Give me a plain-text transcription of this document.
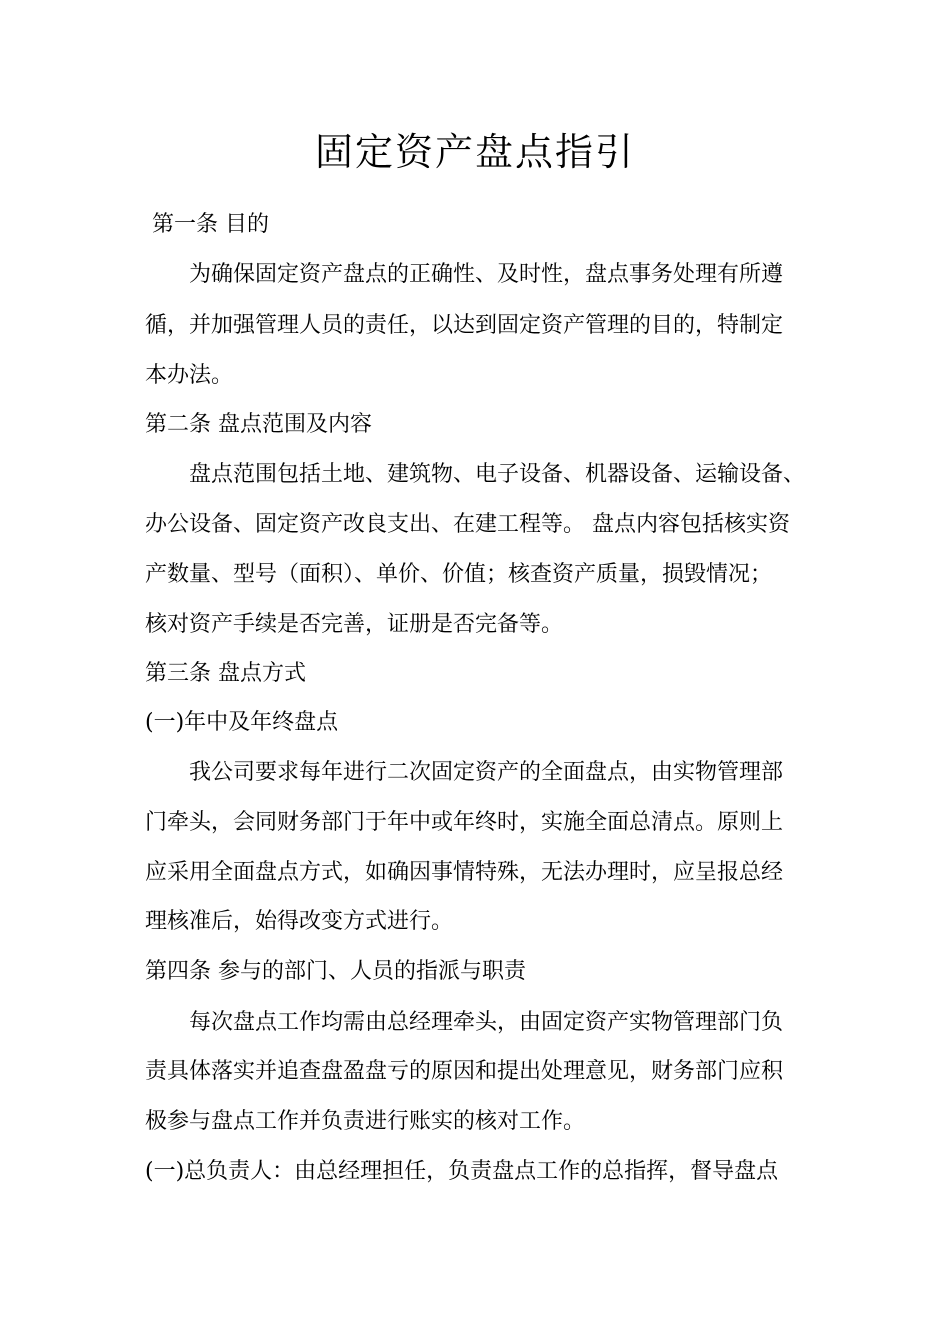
固定资产盘点指引
第一条 目的
为确保固定资产盘点的正确性、及时性，盘点事务处理有所遵
循，并加强管理人员的责任，以达到固定资产管理的目的，特制定
本办法。
第二条 盘点范围及内容
盘点范围包括土地、建筑物、电子设备、机器设备、运输设备、
办公设备、固定资产改良支出、在建工程等。 盘点内容包括核实资
产数量、型号（面积）、单价、价值；核查资产质量，损毁情况；
核对资产手续是否完善，证册是否完备等。
第三条 盘点方式
(一)年中及年终盘点
我公司要求每年进行二次固定资产的全面盘点，由实物管理部
门牵头，会同财务部门于年中或年终时，实施全面总清点。原则上
应采用全面盘点方式，如确因事情特殊，无法办理时，应呈报总经
理核准后，始得改变方式进行。
第四条 参与的部门、人员的指派与职责
每次盘点工作均需由总经理牵头，由固定资产实物管理部门负
责具体落实并追查盘盈盘亏的原因和提出处理意见，财务部门应积
极参与盘点工作并负责进行账实的核对工作。
(一)总负责人：由总经理担任，负责盘点工作的总指挥，督导盘点
